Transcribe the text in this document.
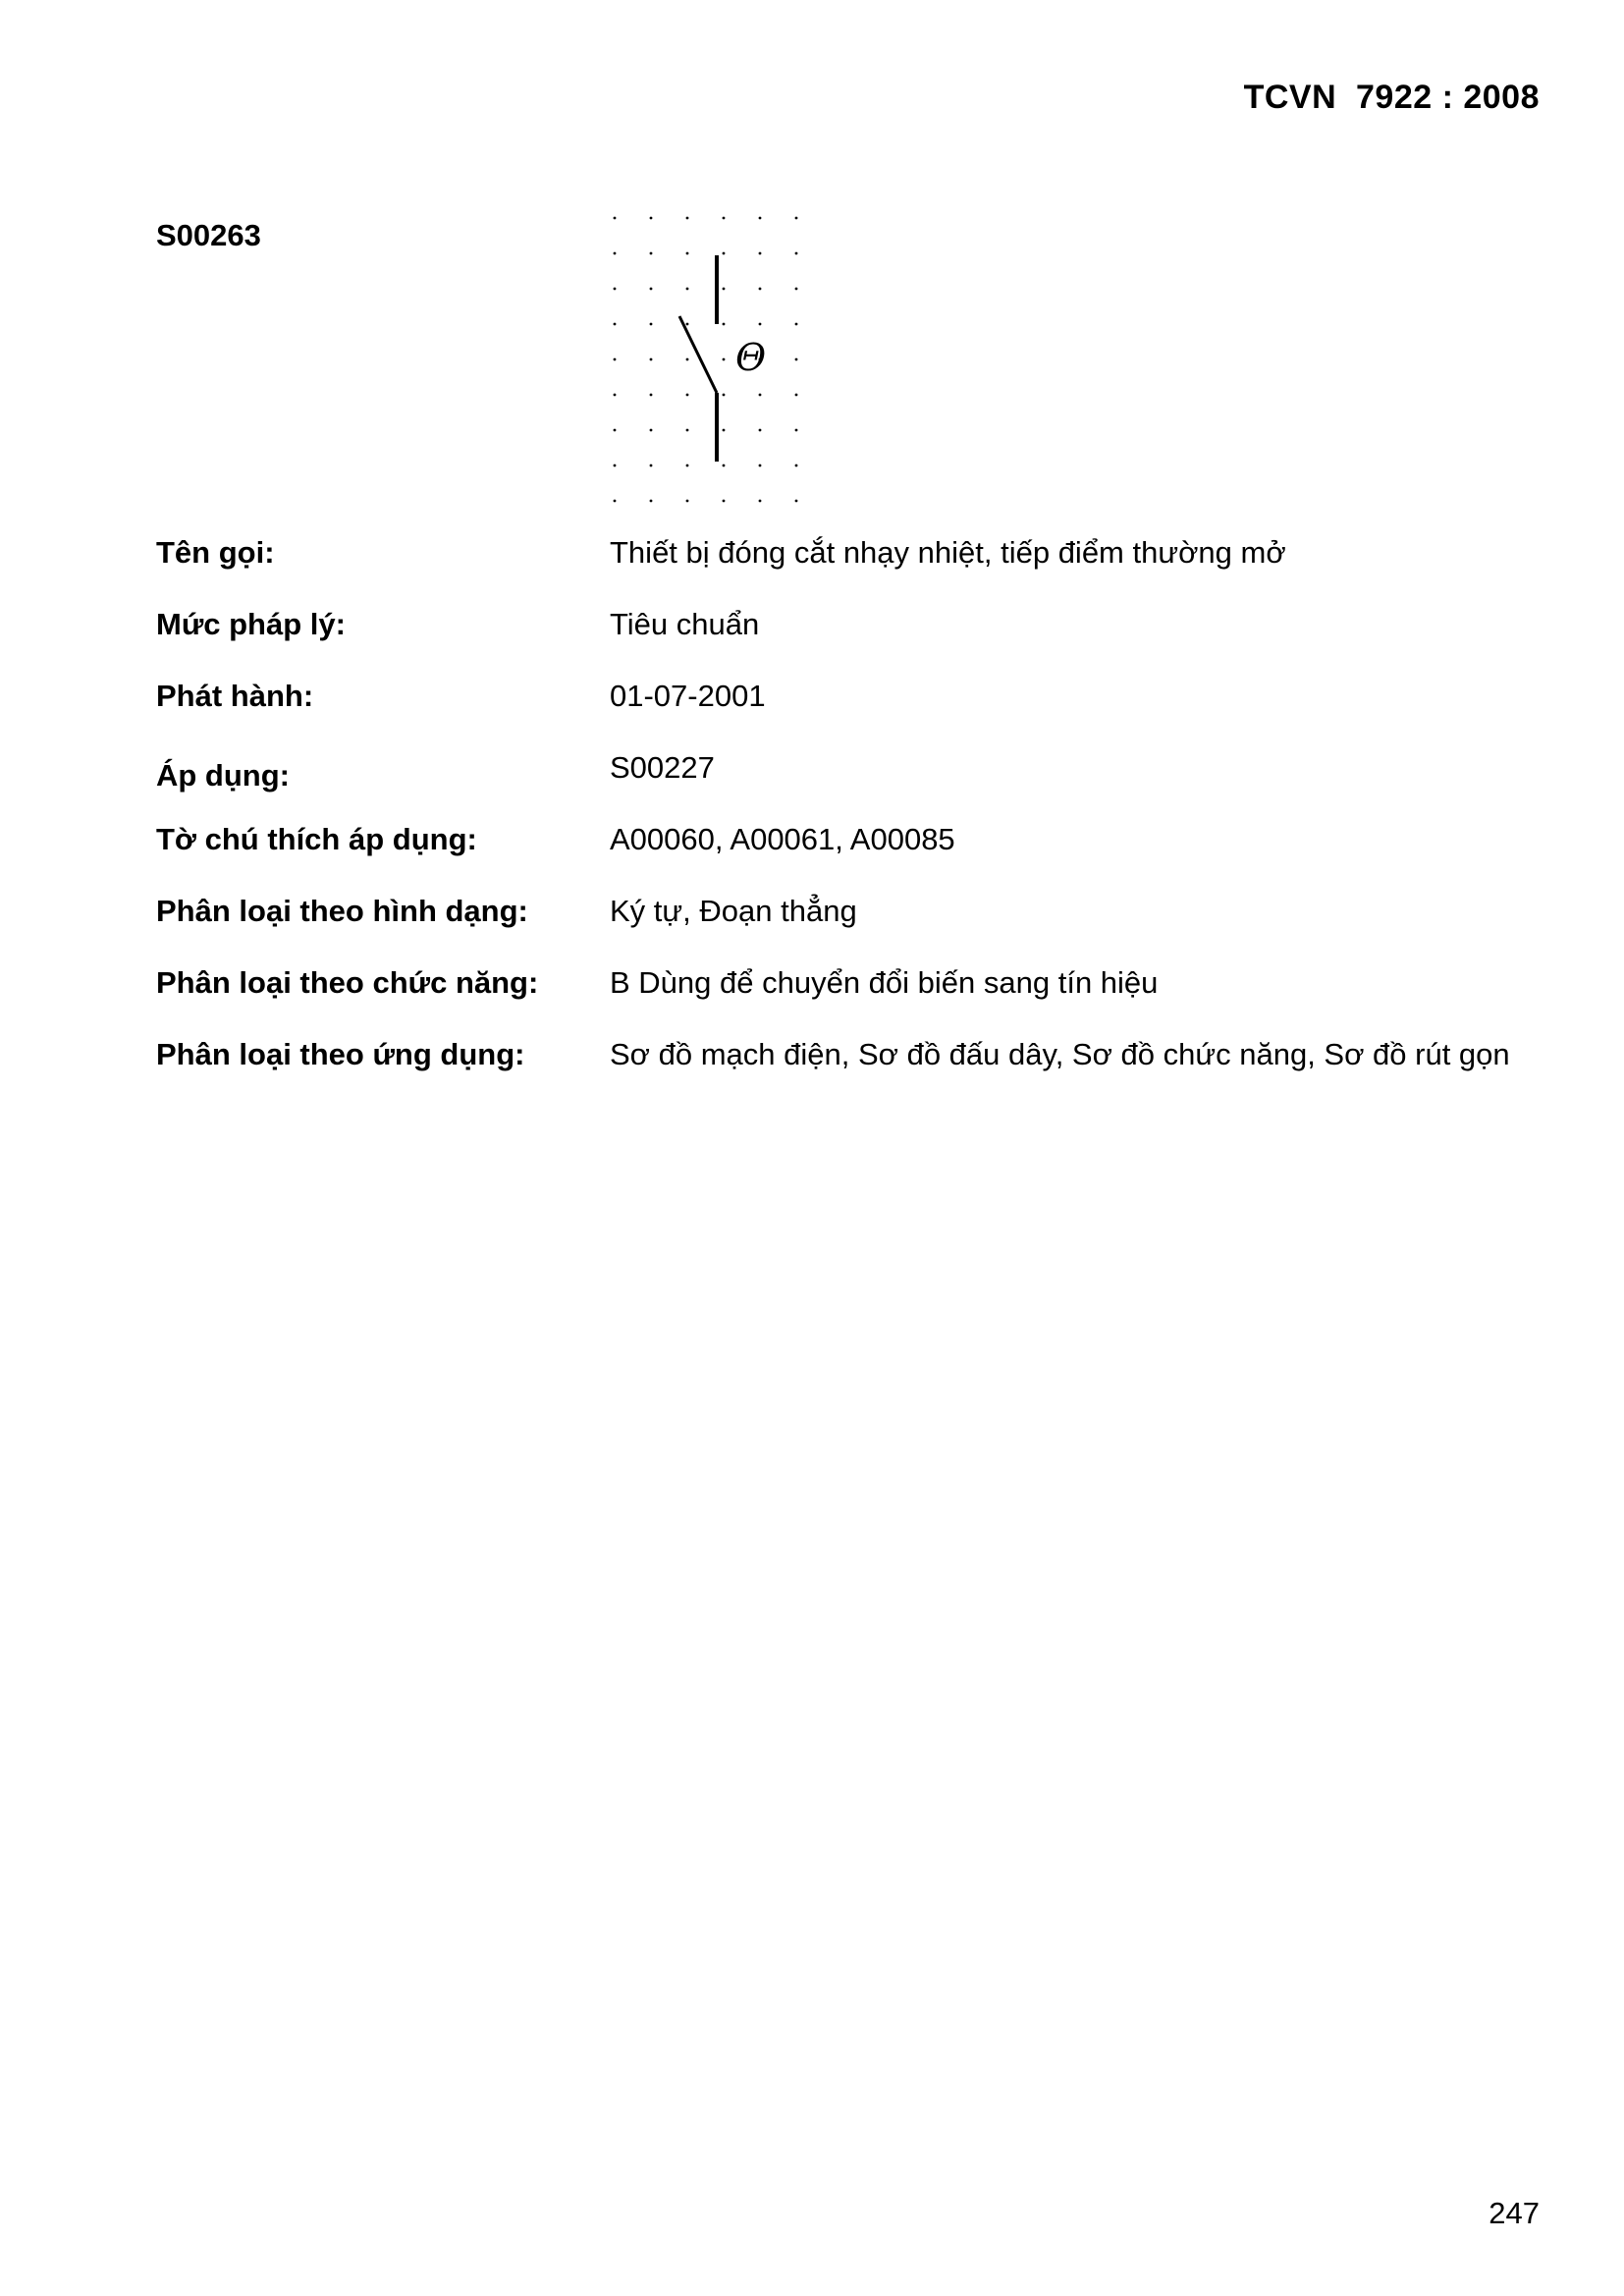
TCVN  7922 : 2008
S00263
Θ
Tên gọi:	Thiết bị đóng cắt nhạy nhiệt, tiếp điểm thường mở
Mức pháp lý:	Tiêu chuẩn
Phát hành:	01-07-2001
Áp dụng:	S00227
Tờ chú thích áp dụng:	A00060, A00061, A00085
Phân loại theo hình dạng:	Ký tự, Đoạn thẳng
Phân loại theo chức năng: B Dùng để chuyển đổi biến sang tín hiệu
Phân loại theo ứng dụng:	Sơ đồ mạch điện, Sơ đồ đấu dây, Sơ đồ chức năng, Sơ đồ rút gọn
247
